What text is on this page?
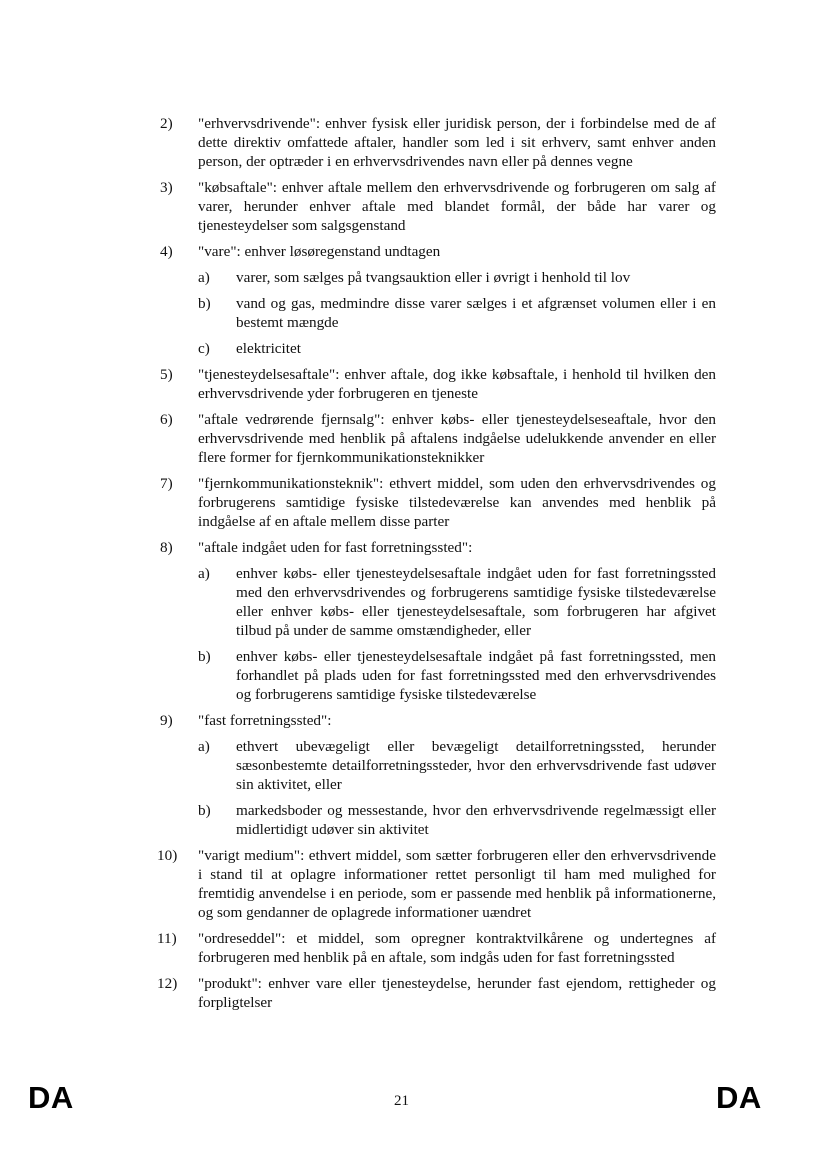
2) "erhvervsdrivende": enhver fysisk eller juridisk person, der i forbindelse med de af dette direktiv omfattede aftaler, handler som led i sit erhverv, samt enhver anden person, der optræder i en erhvervsdrivendes navn eller på dennes vegne
3) "købsaftale": enhver aftale mellem den erhvervsdrivende og forbrugeren om salg af varer, herunder enhver aftale med blandet formål, der både har varer og tjenesteydelser som salgsgenstand
4) "vare": enhver løsøregenstand undtagen
a) varer, som sælges på tvangsauktion eller i øvrigt i henhold til lov
b) vand og gas, medmindre disse varer sælges i et afgrænset volumen eller i en bestemt mængde
c) elektricitet
5) "tjenesteydelsesaftale": enhver aftale, dog ikke købsaftale, i henhold til hvilken den erhvervsdrivende yder forbrugeren en tjeneste
6) "aftale vedrørende fjernsalg": enhver købs- eller tjenesteydelseseaftale, hvor den erhvervsdrivende med henblik på aftalens indgåelse udelukkende anvender en eller flere former for fjernkommunikationsteknikker
7) "fjernkommunikationsteknik": ethvert middel, som uden den erhvervsdrivendes og forbrugerens samtidige fysiske tilstedeværelse kan anvendes med henblik på indgåelse af en aftale mellem disse parter
8) "aftale indgået uden for fast forretningssted":
a) enhver købs- eller tjenesteydelsesaftale indgået uden for fast forretningssted med den erhvervsdrivendes og forbrugerens samtidige fysiske tilstedeværelse eller enhver købs- eller tjenesteydelsesaftale, som forbrugeren har afgivet tilbud på under de samme omstændigheder, eller
b) enhver købs- eller tjenesteydelsesaftale indgået på fast forretningssted, men forhandlet på plads uden for fast forretningssted med den erhvervsdrivendes og forbrugerens samtidige fysiske tilstedeværelse
9) "fast forretningssted":
a) ethvert ubevægeligt eller bevægeligt detailforretningssted, herunder sæsonbestemte detailforretningssteder, hvor den erhvervsdrivende fast udøver sin aktivitet, eller
b) markedsboder og messestande, hvor den erhvervsdrivende regelmæssigt eller midlertidigt udøver sin aktivitet
10) "varigt medium": ethvert middel, som sætter forbrugeren eller den erhvervsdrivende i stand til at oplagre informationer rettet personligt til ham med mulighed for fremtidig anvendelse i en periode, som er passende med henblik på informationerne, og som gendanner de oplagrede informationer uændret
11) "ordreseddel": et middel, som opregner kontraktvilkårene og undertegnes af forbrugeren med henblik på en aftale, som indgås uden for fast forretningssted
12) "produkt": enhver vare eller tjenesteydelse, herunder fast ejendom, rettigheder og forpligtelser
DA	21	DA
